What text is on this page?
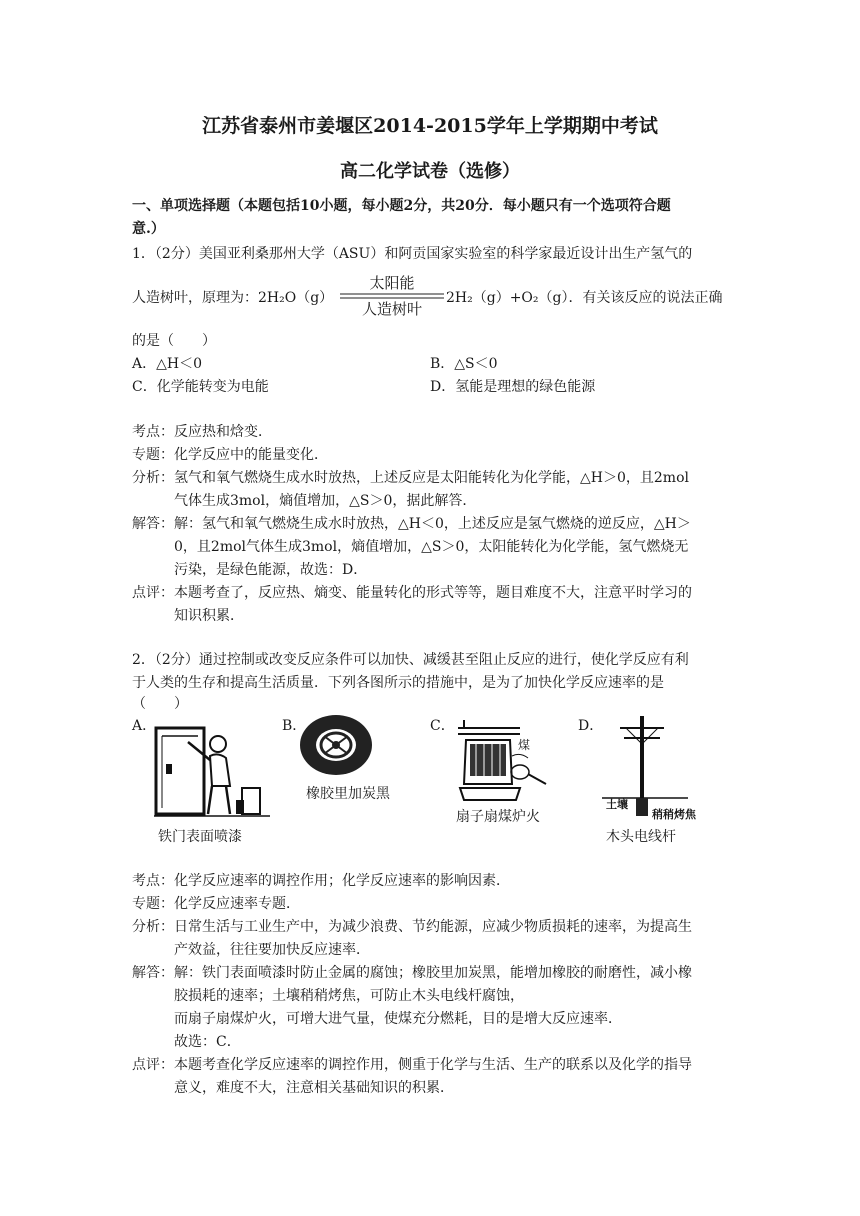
江苏省泰州市姜堰区2014-2015学年上学期期中考试
高二化学试卷（选修）
一、单项选择题（本题包括10小题，每小题2分，共20分．每小题只有一个选项符合题
意.）
1．（2分）美国亚利桑那州大学（ASU）和阿贡国家实验室的科学家最近设计出生产氢气的
人造树叶，原理为：2H₂O（g）
太阳能
人造树叶
2H₂（g）+O₂（g）．有关该反应的说法正确
的是（　　）
A．△H＜0	B．△S＜0
C．化学能转变为电能	D．氢能是理想的绿色能源
考点： 反应热和焓变．
专题： 化学反应中的能量变化．
分析： 氢气和氧气燃烧生成水时放热，上述反应是太阳能转化为化学能，△H＞0，且2mol
气体生成3mol，熵值增加，△S＞0，据此解答．
解答： 解：氢气和氧气燃烧生成水时放热，△H＜0，上述反应是氢气燃烧的逆反应，△H＞
0，且2mol气体生成3mol，熵值增加，△S＞0，太阳能转化为化学能，氢气燃烧无
污染，是绿色能源，故选：D．
点评： 本题考查了，反应热、熵变、能量转化的形式等等，题目难度不大，注意平时学习的
知识积累．
2．（2分）通过控制或改变反应条件可以加快、减缓甚至阻止反应的进行，使化学反应有利
于人类的生存和提高生活质量．下列各图所示的措施中，是为了加快化学反应速率的是
（　　）
A．	B．	C．	D．
铁门表面喷漆
橡胶里加炭黑
煤
扇子扇煤炉火
土壤
稍稍烤焦
木头电线杆
考点： 化学反应速率的调控作用；化学反应速率的影响因素．
专题： 化学反应速率专题．
分析： 日常生活与工业生产中，为减少浪费、节约能源，应减少物质损耗的速率，为提高生
产效益，往往要加快反应速率．
解答： 解：铁门表面喷漆时防止金属的腐蚀；橡胶里加炭黑，能增加橡胶的耐磨性，减小橡
胶损耗的速率；土壤稍稍烤焦，可防止木头电线杆腐蚀，
而扇子扇煤炉火，可增大进气量，使煤充分燃耗，目的是增大反应速率．
故选：C．
点评： 本题考查化学反应速率的调控作用，侧重于化学与生活、生产的联系以及化学的指导
意义，难度不大，注意相关基础知识的积累．
